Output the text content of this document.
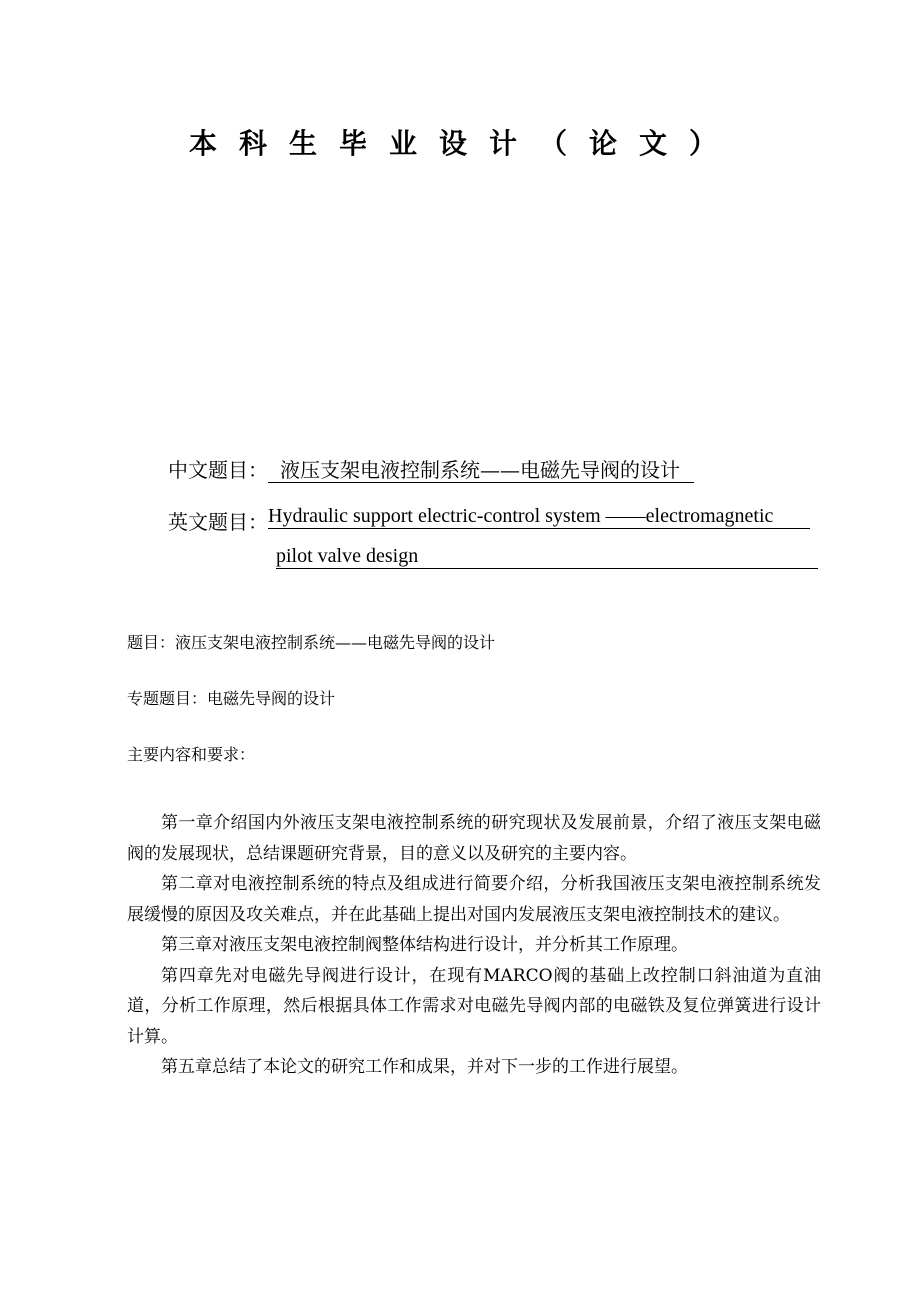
本科生毕业设计（论文）
中文题目： 液压支架电液控制系统——电磁先导阀的设计
英文题目：Hydraulic support electric-control system ——electromagnetic
pilot valve design
题目：液压支架电液控制系统——电磁先导阀的设计
专题题目：电磁先导阀的设计
主要内容和要求：

第一章介绍国内外液压支架电液控制系统的研究现状及发展前景，介绍了液压支架电磁阀的发展现状，总结课题研究背景，目的意义以及研究的主要内容。

第二章对电液控制系统的特点及组成进行简要介绍，分析我国液压支架电液控制系统发展缓慢的原因及攻关难点，并在此基础上提出对国内发展液压支架电液控制技术的建议。

第三章对液压支架电液控制阀整体结构进行设计，并分析其工作原理。

第四章先对电磁先导阀进行设计，在现有MARCO阀的基础上改控制口斜油道为直油道，分析工作原理，然后根据具体工作需求对电磁先导阀内部的电磁铁及复位弹簧进行设计计算。

第五章总结了本论文的研究工作和成果，并对下一步的工作进行展望。
